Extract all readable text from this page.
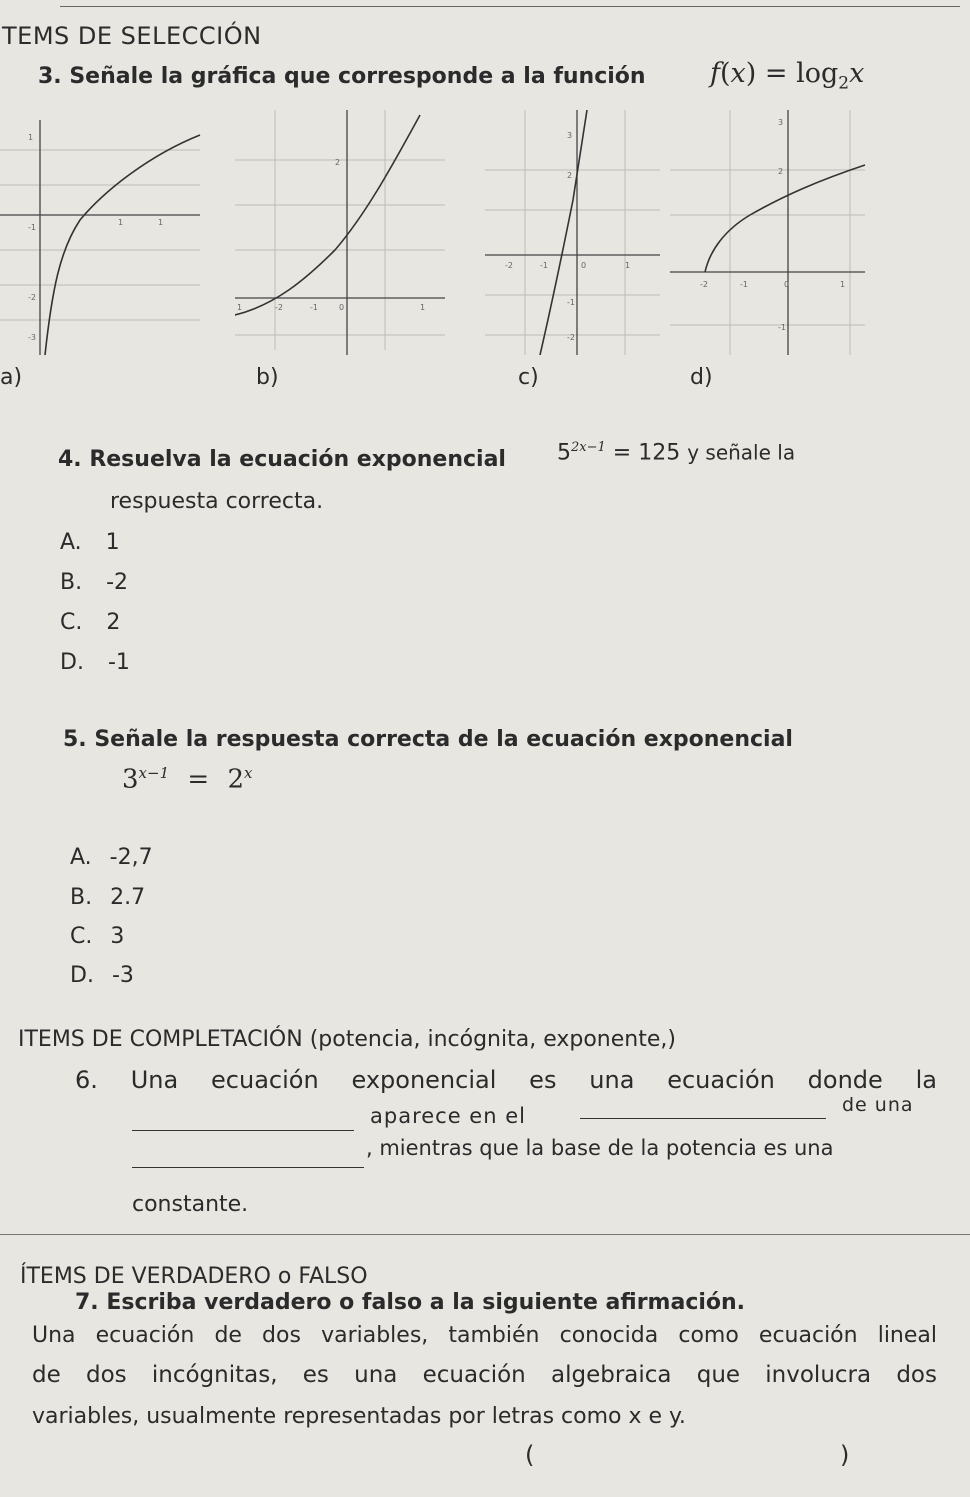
TEMS DE SELECCIÓN
3. Señale la gráfica que corresponde a la función $f(x) = \log_2x$
1
1	1
-1
-2
-3
a)
1	-2	-1	0	1
2
b)
-2	-1	0	1
3
2
-1
-2
c)
-2	-1	0	1
3
2
-1
d)
4. Resuelva la ecuación exponencial $5^{2x-1} = 125$ y señale la
respuesta correcta.
A. 1
B. -2
C. 2
D. -1
5. Señale la respuesta correcta de la ecuación exponencial
$3^{x-1} = 2^x$
A. -2,7
B. 2.7
C. 3
D. -3
ITEMS DE COMPLETACIÓN (potencia, incógnita, exponente,)
6. Una ecuación exponencial es una ecuación donde la
aparece en el	de una
, mientras que la base de la potencia es una
constante.
ÍTEMS DE VERDADERO o FALSO
7. Escriba verdadero o falso a la siguiente afirmación.
Una ecuación de dos variables, también conocida como ecuación lineal
de dos incógnitas, es una ecuación algebraica que involucra dos
variables, usualmente representadas por letras como x e y.
(	)
